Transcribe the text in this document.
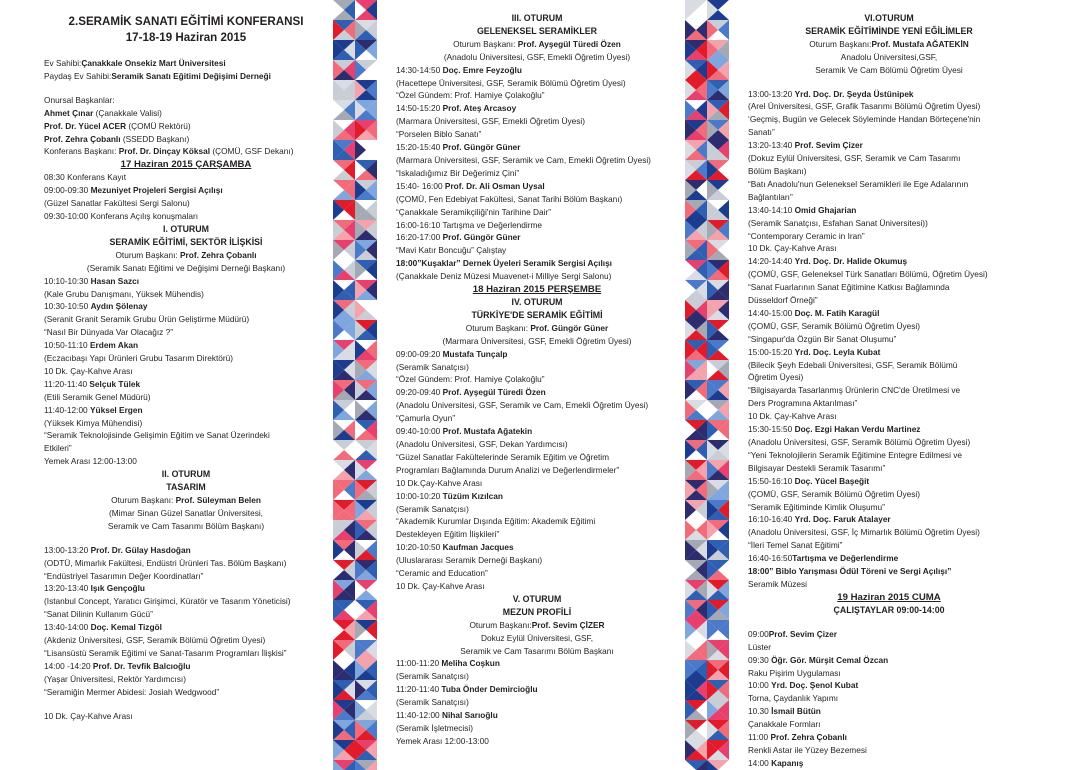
2.SERAMİK SANATI EĞİTİMİ KONFERANSI
17-18-19 Haziran 2015
Ev Sahibi:Çanakkale Onsekiz Mart Üniversitesi
Paydaş Ev Sahibi:Seramik Sanatı Eğitimi Değişimi Derneği
Onursal Başkanlar:
Ahmet Çınar (Çanakkale Valisi)
Prof. Dr. Yücel ACER (ÇOMÜ Rektörü)
Prof. Zehra Çobanlı (SSEDD Başkanı)
Konferans Başkanı: Prof. Dr. Dinçay Köksal (ÇOMÜ, GSF Dekanı)
17 Haziran 2015 ÇARŞAMBA
08:30 Konferans Kayıt
09:00-09:30 Mezuniyet Projeleri Sergisi Açılışı
(Güzel Sanatlar Fakültesi Sergi Salonu)
09:30-10:00 Konferans Açılış konuşmaları
I. OTURUM
SERAMİK EĞİTİMİ, SEKTÖR İLİŞKİSİ
Oturum Başkanı: Prof. Zehra Çobanlı
(Seramik Sanatı Eğitimi ve Değişimi Derneği Başkanı)
10:10-10:30 Hasan Sazcı
(Kale Grubu Danışmanı, Yüksek Mühendis)
10:30-10:50 Aydın Şölenay
(Seranit Granit Seramik Grubu Ürün Geliştirme Müdürü)
“Nasıl Bir Dünyada Var Olacağız ?”
10:50-11:10 Erdem Akan
(Eczacıbaşı Yapı Ürünleri Grubu Tasarım Direktörü)
10 Dk. Çay-Kahve Arası
11:20-11:40 Selçuk Tülek
(Etili Seramik Genel Müdürü)
11:40-12:00 Yüksel Ergen
(Yüksek Kimya Mühendisi)
“Seramik Teknolojisinde Gelişimin Eğitim ve Sanat Üzerindeki
Etkileri”
Yemek Arası 12:00-13:00
II. OTURUM
TASARIM
Oturum Başkanı: Prof. Süleyman Belen
(Mimar Sinan Güzel Sanatlar Üniversitesi,
Seramik ve Cam Tasarımı Bölüm Başkanı)
13:00-13:20 Prof. Dr. Gülay Hasdoğan
(ODTÜ, Mimarlık Fakültesi, Endüstri Ürünleri Tas. Bölüm Başkanı)
“Endüstriyel Tasarımın Değer Koordinatları”
13:20-13:40 Işık Gençoğlu
(Istanbul Concept, Yaratıcı Girişimci, Küratör ve Tasarım Yöneticisi)
“Sanat Dilinin Kullanım Gücü”
13:40-14:00 Doç. Kemal Tizgöl
(Akdeniz Üniversitesi, GSF, Seramik Bölümü Öğretim Üyesi)
“Lisansüstü Seramik Eğitimi ve Sanat-Tasarım Programları İlişkisi”
14:00 -14:20 Prof. Dr. Tevfik Balcıoğlu
(Yaşar Üniversitesi, Rektör Yardımcısı)
“Seramiğin Mermer Abidesi: Josiah Wedgwood”
10 Dk. Çay-Kahve Arası
III. OTURUM
GELENEKSEL SERAMİKLER
Oturum Başkanı: Prof. Ayşegül Türedi Özen
(Anadolu Üniversitesi, GSF, Emekli Öğretim Üyesi)
14:30-14:50 Doç. Emre Feyzoğlu
(Hacettepe Üniversitesi, GSF, Seramik Bölümü Öğretim Üyesi)
“Özel Gündem: Prof. Hamiye Çolakoğlu”
14:50-15:20 Prof. Ateş Arcasoy
(Marmara Üniversitesi, GSF, Emekli Öğretim Üyesi)
“Porselen Biblo Sanatı”
15:20-15:40 Prof. Güngör Güner
(Marmara Üniversitesi, GSF, Seramik ve Cam, Emekli Öğretim Üyesi)
“Iskaladığımız Bir Değerimiz Çini”
15:40- 16:00 Prof. Dr. Ali Osman Uysal
(ÇOMÜ, Fen Edebiyat Fakültesi, Sanat Tarihi Bölüm Başkanı)
“Çanakkale Seramikçiliği'nin Tarihine Dair”
16:00-16:10 Tartışma ve Değerlendirme
16:20-17:00 Prof. Güngör Güner
“Mavi Katır Boncuğu” Çalıştay
18:00”Kuşaklar” Dernek Üyeleri Seramik Sergisi Açılışı
(Çanakkale Deniz Müzesi Muavenet-i Milliye Sergi Salonu)
18 Haziran 2015 PERŞEMBE
IV. OTURUM
TÜRKİYE'DE SERAMİK EĞİTİMİ
Oturum Başkanı: Prof. Güngör Güner
(Marmara Üniversitesi, GSF, Emekli Öğretim Üyesi)
09:00-09:20 Mustafa Tunçalp
(Seramik Sanatçısı)
“Özel Gündem: Prof. Hamiye Çolakoğlu”
09:20-09:40 Prof. Ayşegül Türedi Özen
(Anadolu Üniversitesi, GSF, Seramik ve Cam, Emekli Öğretim Üyesi)
“Çamurla Oyun”
09:40-10:00 Prof. Mustafa Ağatekin
(Anadolu Üniversitesi, GSF, Dekan Yardımcısı)
“Güzel Sanatlar Fakültelerinde Seramik Eğitim ve Öğretim
Programları Bağlamında Durum Analizi ve Değerlendirmeler”
10 Dk.Çay-Kahve Arası
10:00-10:20 Tüzüm Kızılcan
(Seramik Sanatçısı)
“Akademik Kurumlar Dışında Eğitim: Akademik Eğitimi
Destekleyen Eğitim İlişkileri”
10:20-10:50 Kaufman Jacques
(Uluslararası Seramik Derneği Başkanı)
“Ceramic and Education”
10 Dk. Çay-Kahve Arası
V. OTURUM
MEZUN PROFİLİ
Oturum Başkanı:Prof. Sevim ÇİZER
Dokuz Eylül Üniversitesi, GSF,
Seramik ve Cam Tasarımı Bölüm Başkanı
11:00-11:20 Meliha Coşkun
(Seramik Sanatçısı)
11:20-11:40 Tuba Önder Demircioğlu
(Seramik Sanatçısı)
11:40-12:00 Nihal Sarıoğlu
(Seramik İşletmecisi)
Yemek Arası 12:00-13:00
VI.OTURUM
SERAMİK EĞİTİMİNDE YENİ EĞİLİMLER
Oturum Başkanı:Prof. Mustafa AĞATEKİN
Anadolu Üniversitesi,GSF,
Seramik Ve Cam Bölümü Öğretim Üyesi
13:00-13:20 Yrd. Doç. Dr. Şeyda Üstünipek
(Arel Üniversitesi, GSF, Grafik Tasarımı Bölümü Öğretim Üyesi)
‘Geçmiş, Bugün ve Gelecek Söyleminde Handan Börteçene'nin
Sanatı”
13:20-13:40 Prof. Sevim Çizer
(Dokuz Eylül Üniversitesi, GSF, Seramik ve Cam Tasarımı
Bölüm Başkanı)
“Batı Anadolu'nun Geleneksel Seramikleri ile Ege Adalarının
Bağlantıları”
13:40-14:10 Omid Ghajarian
(Seramik Sanatçısı, Esfahan Sanat Üniversitesi))
“Contemporary Ceramic in Iran”
10 Dk. Çay-Kahve Arası
14:20-14:40 Yrd. Doç. Dr. Halide Okumuş
(ÇOMÜ, GSF, Geleneksel Türk Sanatları Bölümü, Öğretim Üyesi)
“Sanat Fuarlarının Sanat Eğitimine Katkısı Bağlamında
Düsseldorf Örneği”
14:40-15:00 Doç. M. Fatih Karagül
(ÇOMÜ, GSF, Seramik Bölümü Öğretim Üyesi)
“Singapur'da Özgün Bir Sanat Oluşumu”
15:00-15:20 Yrd. Doç. Leyla Kubat
(Bilecik Şeyh Edebali Üniversitesi, GSF, Seramik Bölümü
Öğretim Üyesi)
“Bilgisayarda Tasarlanmış Ürünlerin CNC'de Üretilmesi ve
Ders Programına Aktarılması”
10 Dk. Çay-Kahve Arası
15:30-15:50 Doç. Ezgi Hakan Verdu Martinez
(Anadolu Üniversitesi, GSF, Seramik Bölümü Öğretim Üyesi)
“Yeni Teknolojilerin Seramik Eğitimine Entegre Edilmesi ve
Bilgisayar Destekli Seramik Tasarımı”
15:50-16:10 Doç. Yücel Başeğit
(ÇOMÜ, GSF, Seramik Bölümü Öğretim Üyesi)
“Seramik Eğitiminde Kimlik Oluşumu”
16:10-16:40 Yrd. Doç. Faruk Atalayer
(Anadolu Üniversitesi, GSF, İç Mimarlık Bölümü Öğretim Üyesi)
“İleri Temel Sanat Eğitimi”
16:40-16:50Tartışma ve Değerlendirme
18:00” Biblo Yarışması Ödül Töreni ve Sergi Açılışı”
Seramik Müzesi
19 Haziran 2015 CUMA
ÇALIŞTAYLAR 09:00-14:00
09:00Prof. Sevim Çizer
Lüster
09:30 Öğr. Gör. Mürşit Cemal Özcan
Raku Pişirim Uygulaması
10:00 Yrd. Doç. Şenol Kubat
Torna, Çaydanlık Yapımı
10.30 İsmail Bütün
Çanakkale Formları
11:00 Prof. Zehra Çobanlı
Renkli Astar ile Yüzey Bezemesi
14:00 Kapanış
